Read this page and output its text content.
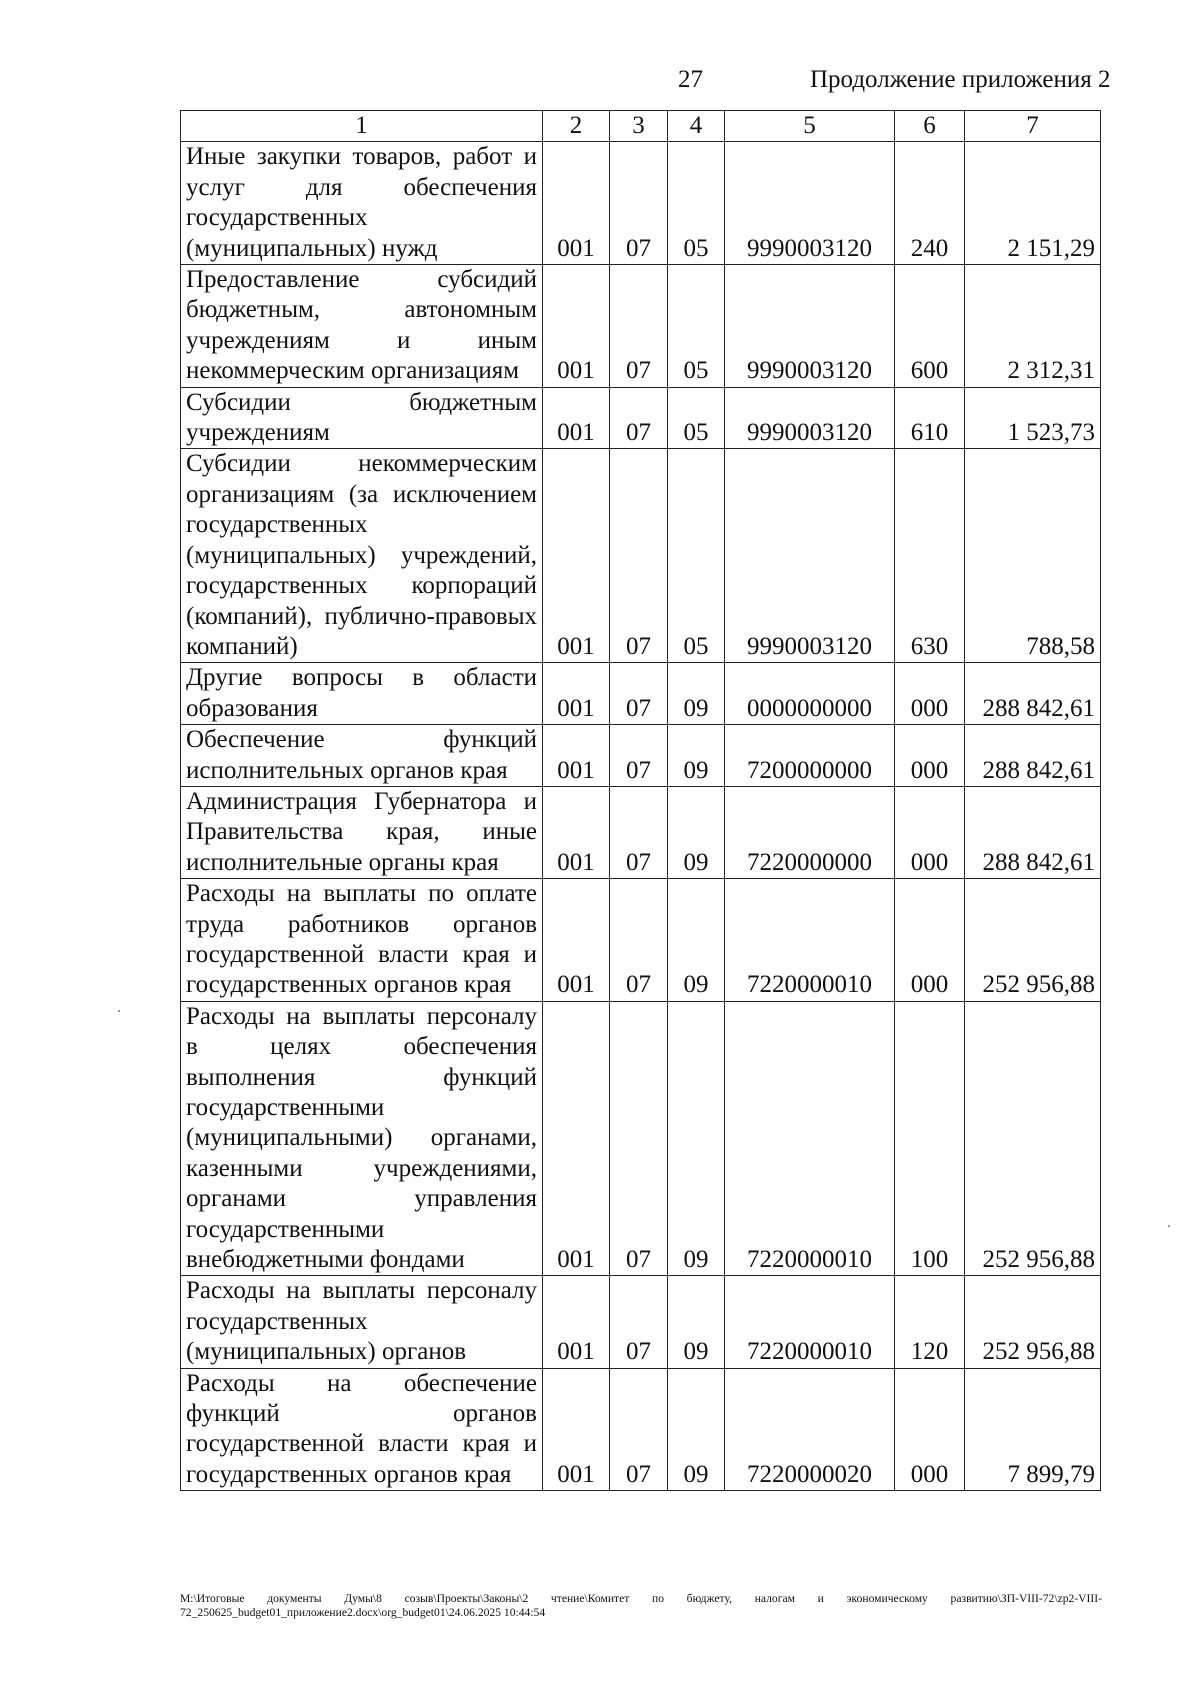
27	Продолжение приложения 2
1	2	3	4	5	6	7
Иные закупки товаров, работ и услуг для обеспечения государственных (муниципальных) нужд	001	07	05	9990003120	240	2 151,29
Предоставление субсидий бюджетным, автономным учреждениям и иным некоммерческим организациям	001	07	05	9990003120	600	2 312,31
Субсидии бюджетным учреждениям	001	07	05	9990003120	610	1 523,73
Субсидии некоммерческим организациям (за исключением государственных (муниципальных) учреждений, государственных корпораций (компаний), публично-правовых компаний)	001	07	05	9990003120	630	788,58
Другие вопросы в области образования	001	07	09	0000000000	000	288 842,61
Обеспечение функций исполнительных органов края	001	07	09	7200000000	000	288 842,61
Администрация Губернатора и Правительства края, иные исполнительные органы края	001	07	09	7220000000	000	288 842,61
Расходы на выплаты по оплате труда работников органов государственной власти края и государственных органов края	001	07	09	7220000010	000	252 956,88
Расходы на выплаты персоналу в целях обеспечения выполнения функций государственными (муниципальными) органами, казенными учреждениями, органами управления государственными внебюджетными фондами	001	07	09	7220000010	100	252 956,88
Расходы на выплаты персоналу государственных (муниципальных) органов	001	07	09	7220000010	120	252 956,88
Расходы на обеспечение функций органов государственной власти края и государственных органов края	001	07	09	7220000020	000	7 899,79
M:\Итоговые документы Думы\8 созыв\Проекты\Законы\2 чтение\Комитет по бюджету, налогам и экономическому развитию\ЗП-VIII-72\zp2-VIII-72_250625_budget01_приложение2.docx\org_budget01\24.06.2025 10:44:54
